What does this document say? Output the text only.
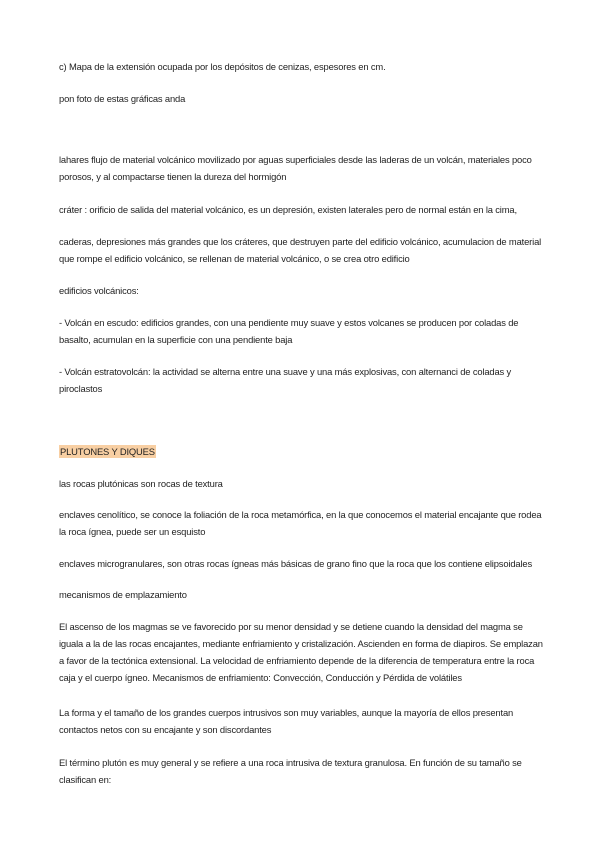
c) Mapa de la extensión ocupada por los depósitos de cenizas, espesores en cm.

pon foto de estas gráficas anda

lahares flujo de material volcánico movilizado por aguas superficiales desde las laderas de un volcán, materiales poco porosos, y al compactarse tienen la dureza del hormigón

cráter : orificio de salida del material volcánico, es un depresión, existen laterales pero de normal están en la cima,

caderas, depresiones más grandes que los cráteres, que destruyen parte del edificio volcánico, acumulacion de material que rompe el edificio volcánico, se rellenan de material volcánico, o se crea otro edificio

edificios volcánicos:

- Volcán en escudo: edificios grandes, con una pendiente muy suave y estos volcanes se producen por coladas de basalto, acumulan en la superficie con una pendiente baja

- Volcán estratovolcán: la actividad se alterna entre una suave y una más explosivas, con alternanci de coladas y piroclastos

PLUTONES Y DIQUES

las rocas plutónicas son rocas de textura

enclaves cenolítico, se conoce la foliación de la roca metamórfica, en la que conocemos el material encajante que rodea la roca ígnea, puede ser un esquisto

enclaves microgranulares, son otras rocas ígneas más básicas de grano fino que la roca que los contiene elipsoidales

mecanismos de emplazamiento

El ascenso de los magmas se ve favorecido por su menor densidad y se detiene cuando la densidad del magma se iguala a la de las rocas encajantes, mediante enfriamiento y cristalización. Ascienden en forma de diapiros. Se emplazan a favor de la tectónica extensional. La velocidad de enfriamiento depende de la diferencia de temperatura entre la roca caja y el cuerpo ígneo. Mecanismos de enfriamiento: Convección, Conducción y Pérdida de volátiles

La forma y el tamaño de los grandes cuerpos intrusivos son muy variables, aunque la mayoría de ellos presentan contactos netos con su encajante y son discordantes

El término plutón es muy general y se refiere a una roca intrusiva de textura granulosa. En función de su tamaño se clasifican en:
